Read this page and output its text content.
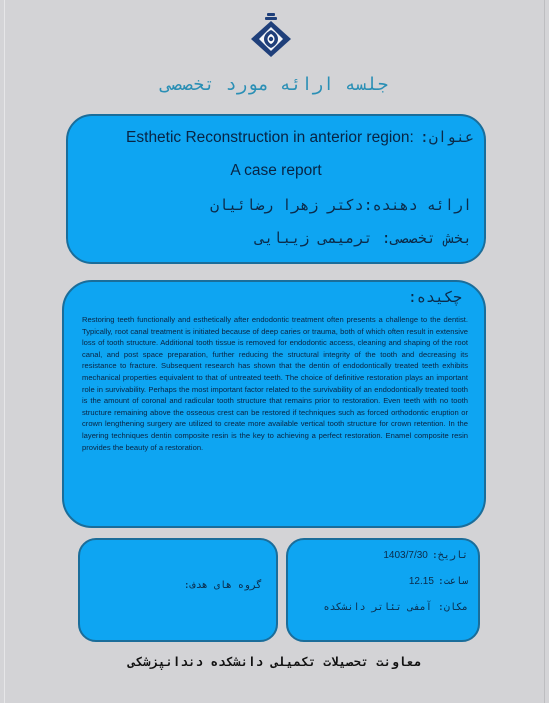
جلسه ارائه مورد تخصصی
عنوان:
Esthetic Reconstruction in anterior region:
A case report
ارائه دهنده:دکتر زهرا رضائیان
بخش تخصصی: ترمیمی زیبایی
چکیده:

Restoring teeth functionally and esthetically after endodontic treatment often presents a challenge to the dentist. Typically, root canal treatment is initiated because of deep caries or trauma, both of which often result in extensive loss of tooth structure. Additional tooth tissue is removed for endodontic access, cleaning and shaping of the root canal, and post space preparation, further reducing the structural integrity of the tooth and decreasing its resistance to fracture. Subsequent research has shown that the dentin of endodontically treated teeth exhibits mechanical properties equivalent to that of untreated teeth. The choice of definitive restoration plays an important role in survivability. Perhaps the most important factor related to the survivability of an endodontically treated tooth is the amount of coronal and radicular tooth structure that remains prior to restoration. Even teeth with no tooth structure remaining above the osseous crest can be restored if techniques such as forced orthodontic eruption or crown lengthening surgery are utilized to create more available vertical tooth structure for crown retention. In the layering techniques dentin composite resin is the key to achieving a perfect restoration. Enamel composite resin provides the beauty of a restoration.

گروه های هدف:
تاریخ:
1403/7/30
ساعت:
12.15
مکان: آمفی تئاتر دانشکده
معاونت تحصیلات تکمیلی دانشکده دندانپزشکی
